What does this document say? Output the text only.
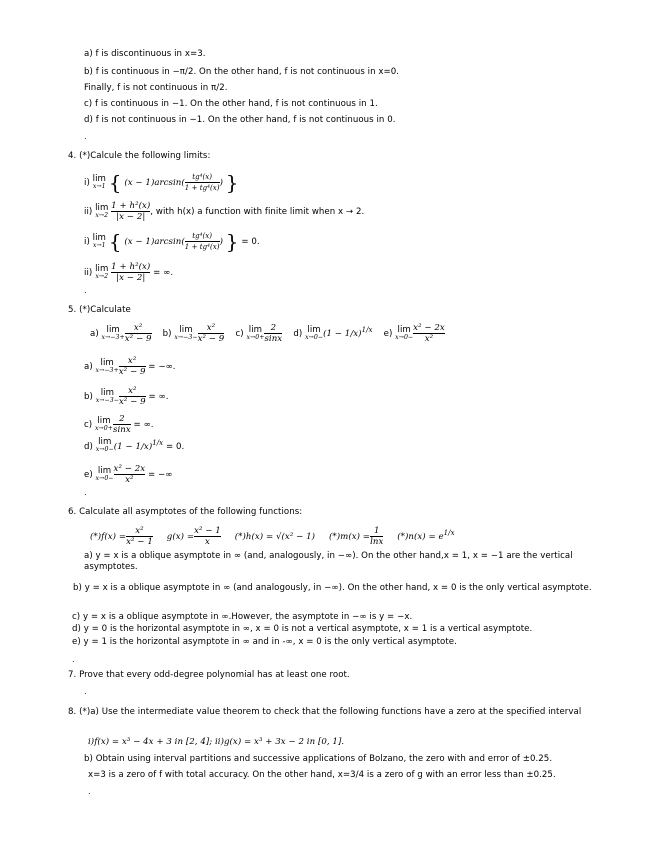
a) f is discontinuous in x=3.
b) f is continuous in −π/2. On the other hand, f is not continuous in x=0.
Finally, f is not continuous in π/2.
c) f is continuous in −1. On the other hand, f is not continuous in 1.
d) f is not continuous in −1. On the other hand, f is not continuous in 0.
.
4. (*)Calcule the following limits:
i) lim
x→1 { $(x - 1)\arcsin( \frac{\text{tg⁴(x)}}{\text{1 + tg⁴(x)}}$ ) }
ii) lim
x→2
$\frac{\text{1 + h²(x)}}{|x - 2|}$ , with h(x) a function with finite limit when x → 2.
i) lim
x→1 { $(x - 1)\arcsin( \frac{\text{tg⁴(x)}}{\text{1 + tg⁴(x)}}$ ) } = 0.
ii) lim
x→2
$\frac{\text{1 + h²(x)}}{|x - 2|}$ = ∞.
.
5. (*)Calculate
a) lim
$x\to-3+ \frac{\text{x²}}{\text{x² − 9}} b$) lim
$x\to-3- \frac{\text{x²}}{\text{x² − 9}} c$) lim
$x\to 0+ \frac{2}{\sin x} d$) lim
$x\to 0- (1 - 1/x)^{1/x}$ e) lim
$x\to 0- \frac{\text{x² − 2x}}{\text{x²}}$
a) lim
$x\to-3+ \frac{\text{x²}}{\text{x² − 9}}$ = −∞.
b) lim
$x\to-3- \frac{\text{x²}}{\text{x² − 9}}$ = ∞.
c) lim
$x\to 0+ \frac{2}{\sin x}$ = ∞.
d) lim
$x\to 0- (1 - 1/x)^{1/x} = 0$.
e) lim
$x\to 0- \frac{\text{x² − 2x}}{\text{x²}}$ = −∞
.
6. Calculate all asymptotes of the following functions:
$(*)f(x) = \frac{\text{x²}}{\text{x² − 1}} g(x) = \frac{\text{x² − 1}}{x} (*)h(x) = √(x^2 - 1) (*)m(x) = \frac{1}{\ln x} (*)n(x) = e^{1/x}$
a) y = x is a oblique asymptote in ∞ (and, analogously, in −∞). On the other hand,x = 1, x = −1 are the vertical asymptotes.
b) y = x is a oblique asymptote in ∞ (and analogously, in −∞). On the other hand, x = 0 is the only vertical asymptote.
c) y = x is a oblique asymptote in ∞.However, the asymptote in −∞ is y = −x.
d) y = 0 is the horizontal asymptote in ∞, x = 0 is not a vertical asymptote, x = 1 is a vertical asymptote.
e) y = 1 is the horizontal asymptote in ∞ and in -∞, x = 0 is the only vertical asymptote.
.
7. Prove that every odd-degree polynomial has at least one root.
.
8. (*)a) Use the intermediate value theorem to check that the following functions have a zero at the specified interval
i)f(x) = x³ − 4x + 3 in [2, 4]; ii)g(x) = x³ + 3x − 2 in [0, 1].
b) Obtain using interval partitions and successive applications of Bolzano, the zero with and error of ±0.25.
x=3 is a zero of f with total accuracy. On the other hand, x=3/4 is a zero of g with an error less than ±0.25.
.
